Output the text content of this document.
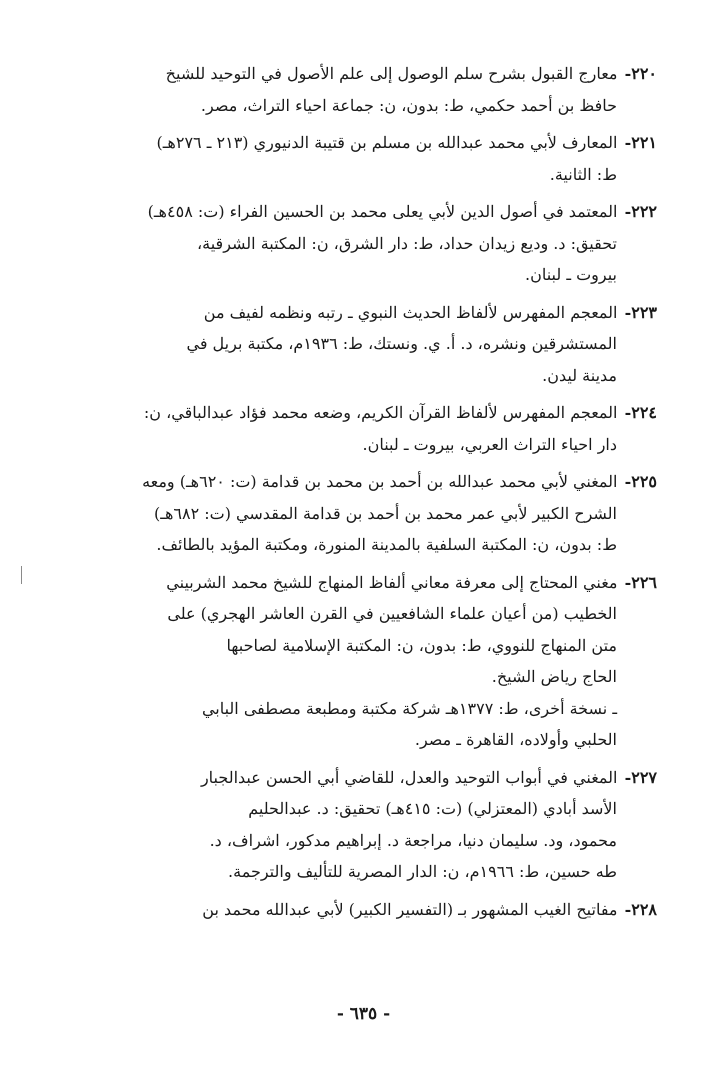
٢٢٠- معارج القبول بشرح سلم الوصول إلى علم الأصول في التوحيد للشيخ
حافظ بن أحمد حكمي، ط: بدون، ن: جماعة احياء التراث، مصر.
٢٢١- المعارف لأبي محمد عبدالله بن مسلم بن قتيبة الدنيوري (٢١٣ ـ ٢٧٦هـ)
ط: الثانية.
٢٢٢- المعتمد في أصول الدين لأبي يعلى محمد بن الحسين الفراء (ت: ٤٥٨هـ)
تحقيق: د. وديع زيدان حداد، ط: دار الشرق، ن: المكتبة الشرقية،
بيروت ـ لبنان.
٢٢٣- المعجم المفهرس لألفاظ الحديث النبوي ـ رتبه ونظمه لفيف من
المستشرقين ونشره، د. أ. ي. ونستك، ط: ١٩٣٦م، مكتبة بريل في
مدينة ليدن.
٢٢٤- المعجم المفهرس لألفاظ القرآن الكريم، وضعه محمد فؤاد عبدالباقي، ن:
دار احياء التراث العربي، بيروت ـ لبنان.
٢٢٥- المغني لأبي محمد عبدالله بن أحمد بن محمد بن قدامة (ت: ٦٢٠هـ) ومعه
الشرح الكبير لأبي عمر محمد بن أحمد بن قدامة المقدسي (ت: ٦٨٢هـ)
ط: بدون، ن: المكتبة السلفية بالمدينة المنورة، ومكتبة المؤيد بالطائف.
٢٢٦- مغني المحتاج إلى معرفة معاني ألفاظ المنهاج للشيخ محمد الشربيني
الخطيب (من أعيان علماء الشافعيين في القرن العاشر الهجري) على
متن المنهاج للنووي، ط: بدون، ن: المكتبة الإسلامية لصاحبها
الحاج رياض الشيخ.
ـ نسخة أخرى، ط: ١٣٧٧هـ شركة مكتبة ومطبعة مصطفى البابي
الحلبي وأولاده، القاهرة ـ مصر.
٢٢٧- المغني في أبواب التوحيد والعدل، للقاضي أبي الحسن عبدالجبار
الأسد أبادي (المعتزلي) (ت: ٤١٥هـ) تحقيق: د. عبدالحليم
محمود، ود. سليمان دنيا، مراجعة د. إبراهيم مدكور، اشراف، د.
طه حسين، ط: ١٩٦٦م، ن: الدار المصرية للتأليف والترجمة.
٢٢٨- مفاتيح الغيب المشهور بـ (التفسير الكبير) لأبي عبدالله محمد بن
- ٦٣٥ -
